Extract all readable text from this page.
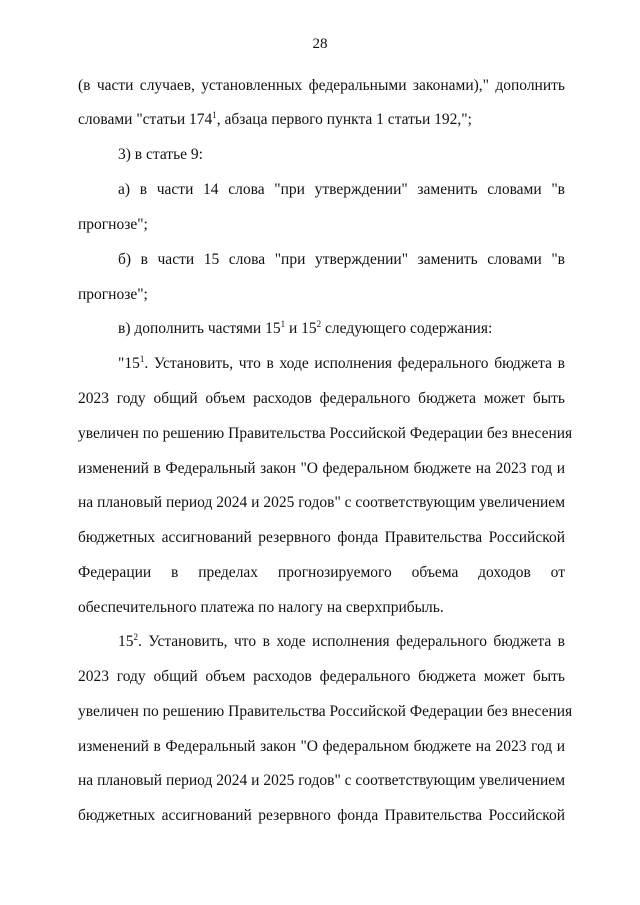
28
(в части случаев, установленных федеральными законами)," дополнить
словами "статьи $174^1$, абзаца первого пункта 1 статьи 192,";
3) в статье 9:
а) в части 14 слова "при утверждении" заменить словами "в
прогнозе";
б) в части 15 слова "при утверждении" заменить словами "в
прогнозе";
в) дополнить частями $15^1$ и $15^2$ следующего содержания:
"$15^1$. Установить, что в ходе исполнения федерального бюджета в
2023 году общий объем расходов федерального бюджета может быть
увеличен по решению Правительства Российской Федерации без внесения
изменений в Федеральный закон "О федеральном бюджете на 2023 год и
на плановый период 2024 и 2025 годов" с соответствующим увеличением
бюджетных ассигнований резервного фонда Правительства Российской
Федерации в пределах прогнозируемого объема доходов от
обеспечительного платежа по налогу на сверхприбыль.
$15^2$. Установить, что в ходе исполнения федерального бюджета в
2023 году общий объем расходов федерального бюджета может быть
увеличен по решению Правительства Российской Федерации без внесения
изменений в Федеральный закон "О федеральном бюджете на 2023 год и
на плановый период 2024 и 2025 годов" с соответствующим увеличением
бюджетных ассигнований резервного фонда Правительства Российской
